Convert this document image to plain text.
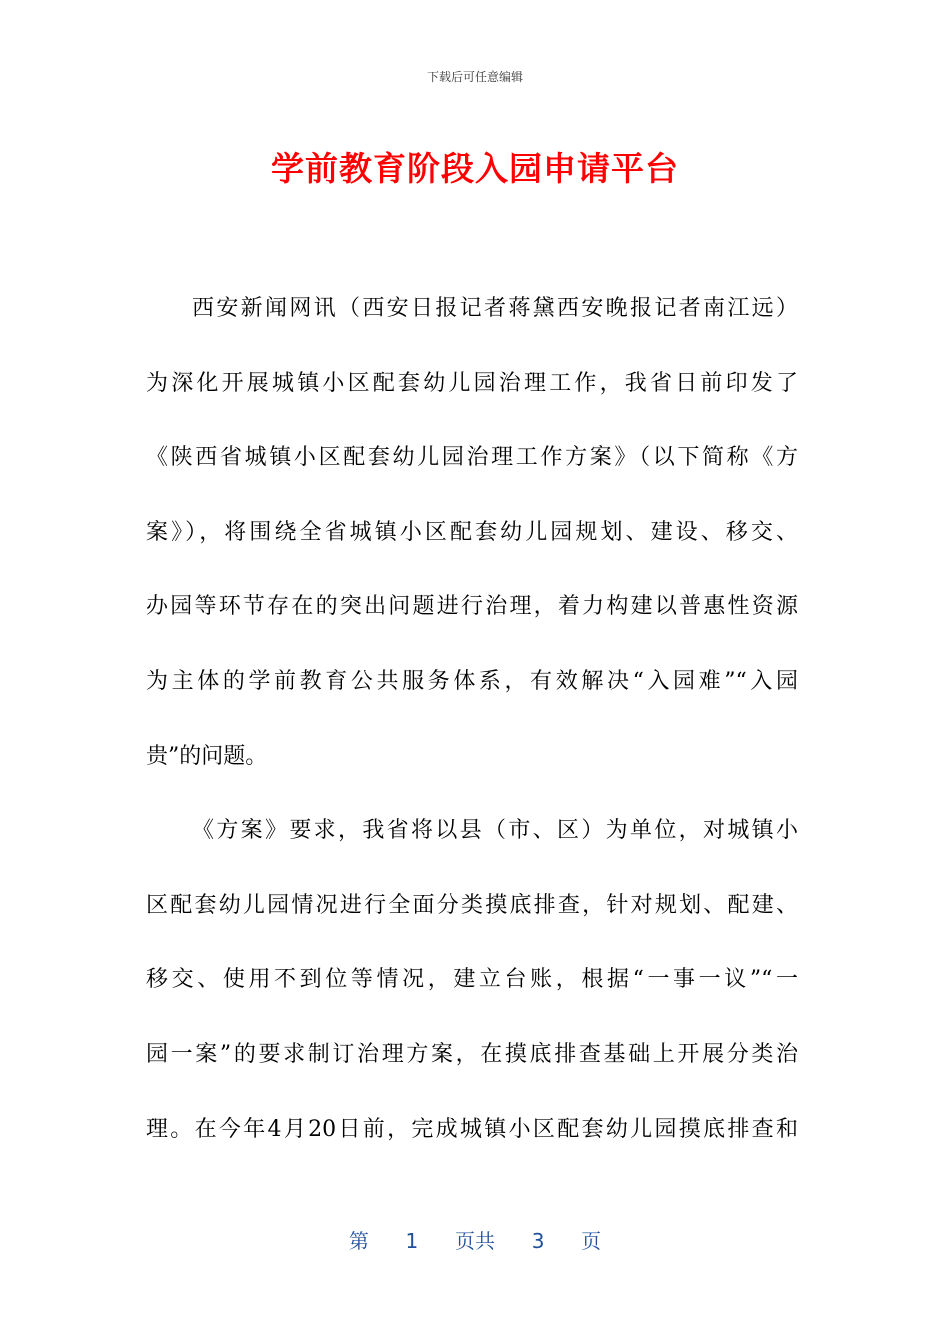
下载后可任意编辑
学前教育阶段入园申请平台
西安新闻网讯（西安日报记者蒋黛西安晚报记者南江远）
为深化开展城镇小区配套幼儿园治理工作，我省日前印发了
《陕西省城镇小区配套幼儿园治理工作方案》（以下简称《方
案》），将围绕全省城镇小区配套幼儿园规划、建设、移交、
办园等环节存在的突出问题进行治理，着力构建以普惠性资源
为主体的学前教育公共服务体系，有效解决“入园难”“入园
贵”的问题。
《方案》要求，我省将以县（市、区）为单位，对城镇小
区配套幼儿园情况进行全面分类摸底排查，针对规划、配建、
移交、使用不到位等情况，建立台账，根据“一事一议”“一
园一案”的要求制订治理方案，在摸底排查基础上开展分类治
理。在今年4月20日前，完成城镇小区配套幼儿园摸底排查和
第 1 页共 3 页
